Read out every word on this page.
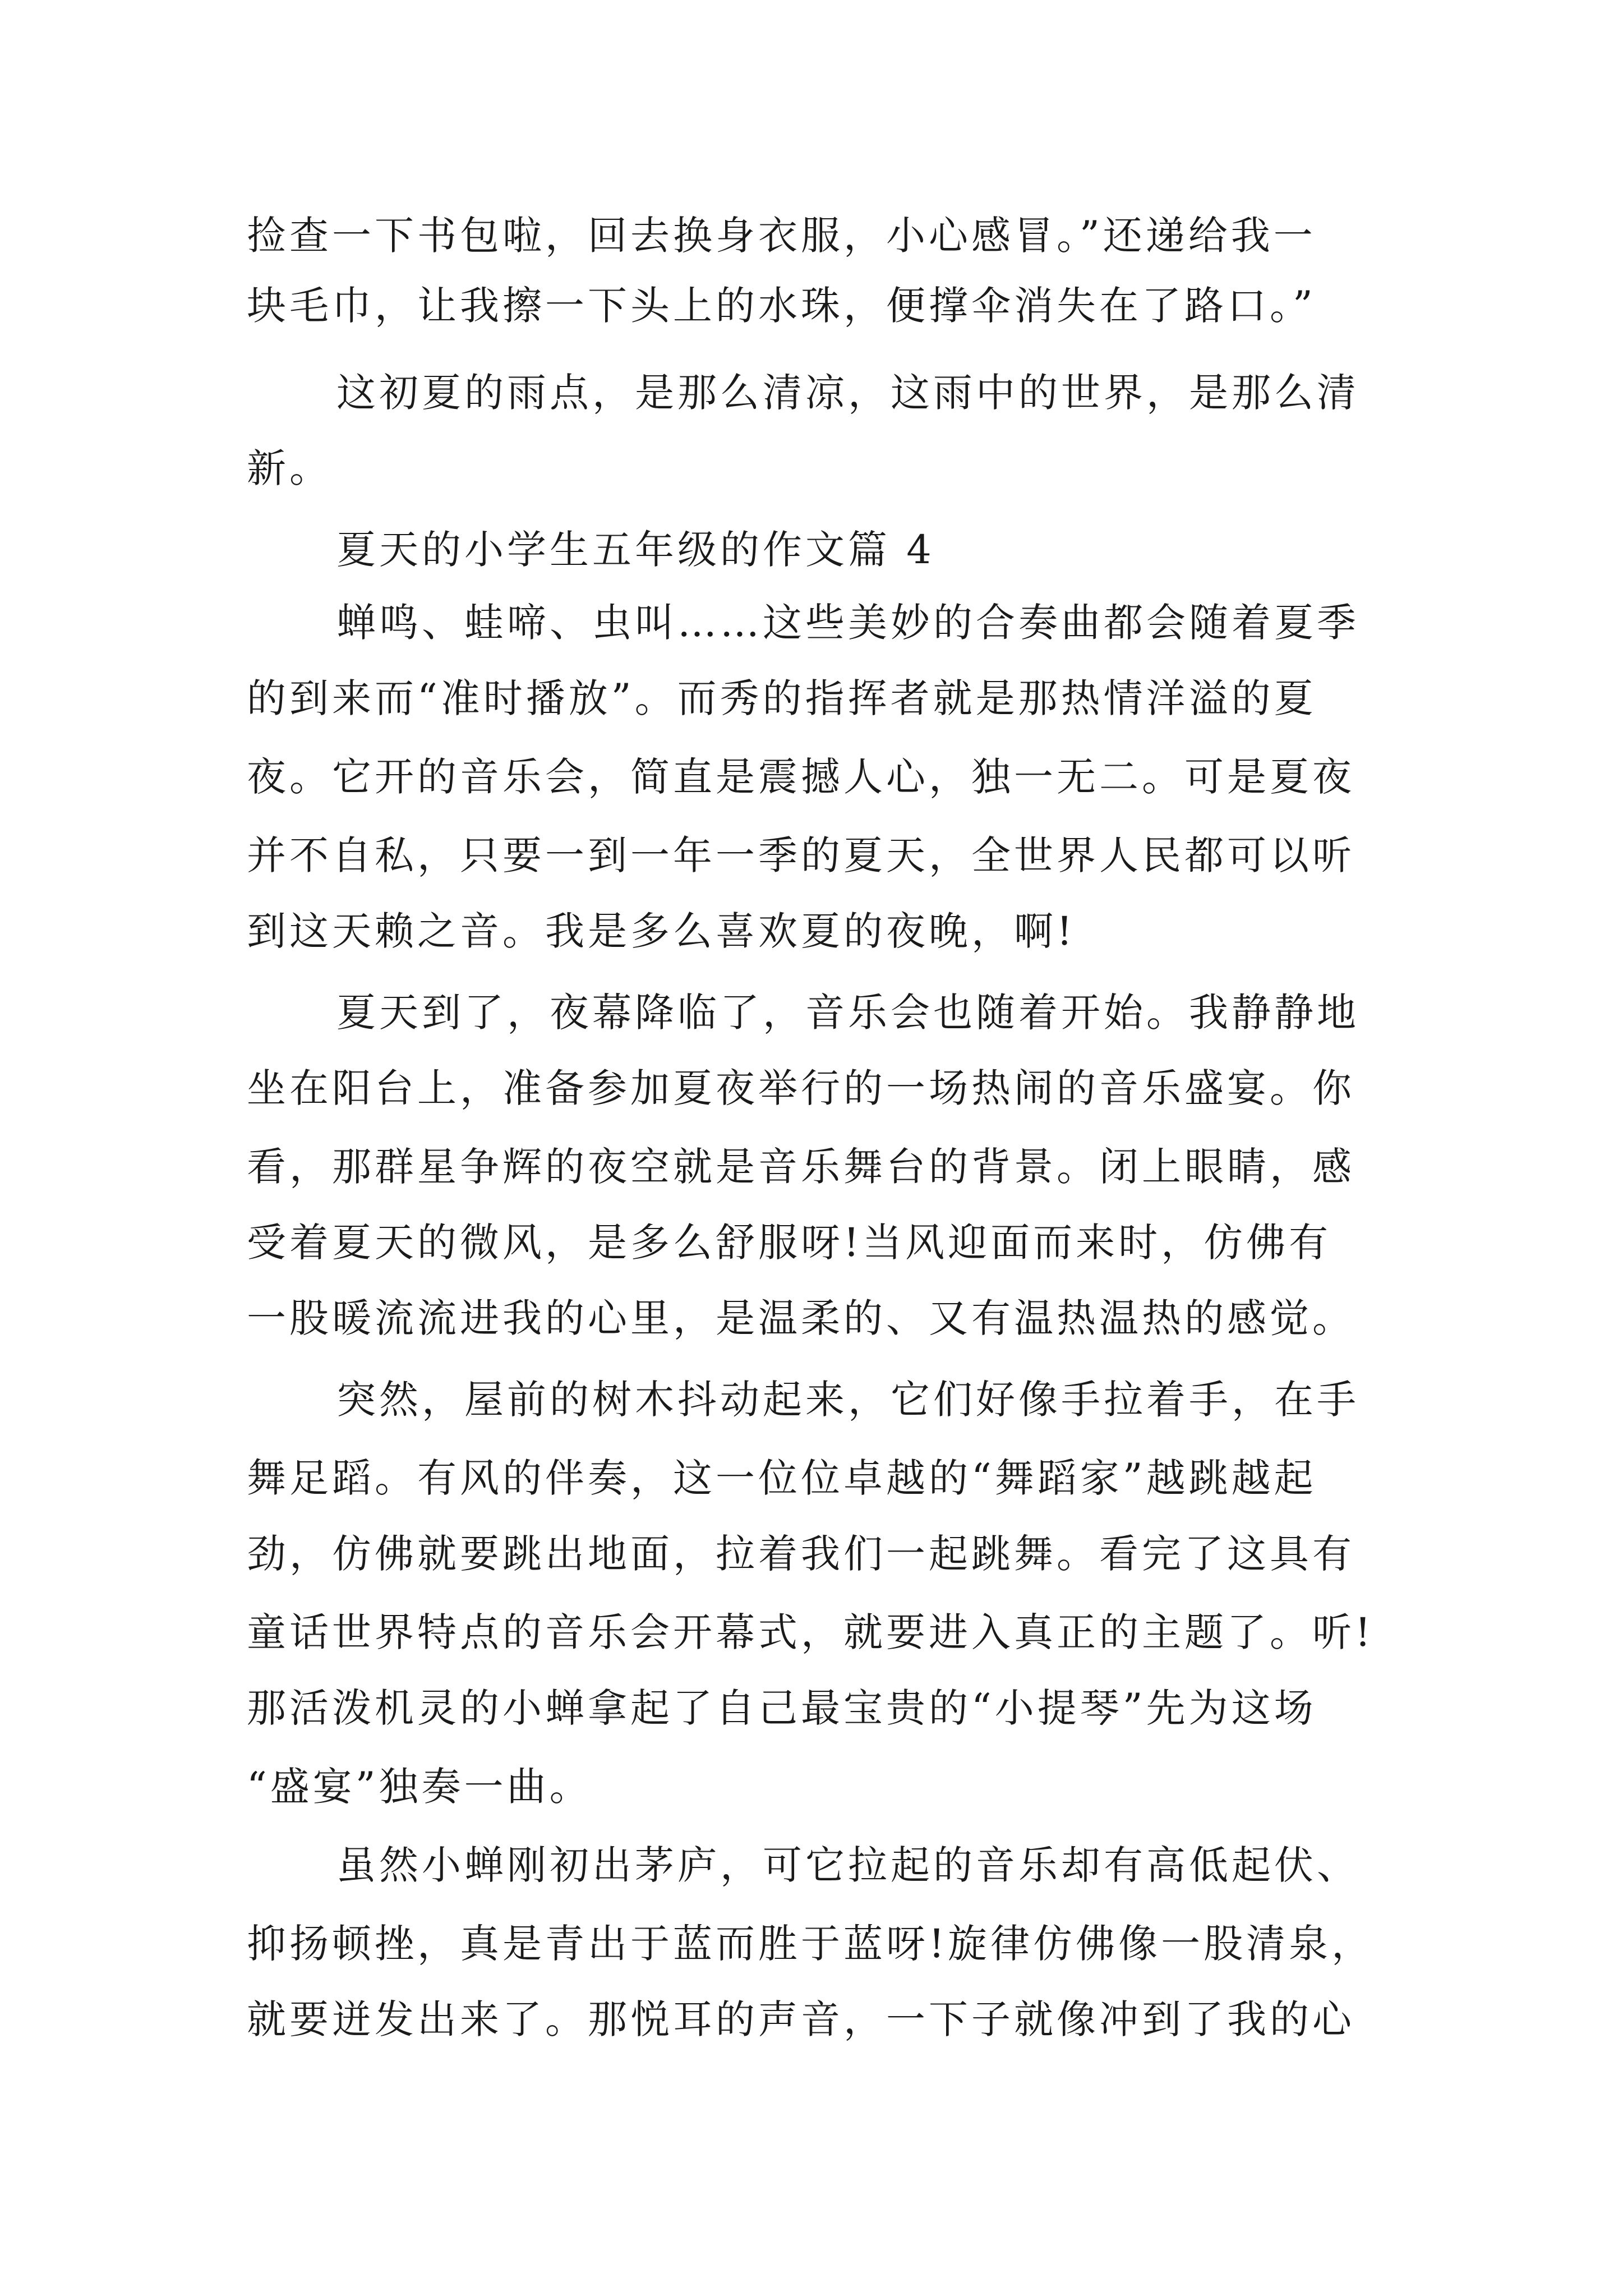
捡查一下书包啦，回去换身衣服，小心感冒。”还递给我一
块毛巾，让我擦一下头上的水珠，便撑伞消失在了路口。”
这初夏的雨点，是那么清凉，这雨中的世界，是那么清
新。
夏天的小学生五年级的作文篇 4
蝉鸣、蛙啼、虫叫……这些美妙的合奏曲都会随着夏季
的到来而“准时播放”。而秀的指挥者就是那热情洋溢的夏
夜。它开的音乐会，简直是震撼人心，独一无二。可是夏夜
并不自私，只要一到一年一季的夏天，全世界人民都可以听
到这天赖之音。我是多么喜欢夏的夜晚，啊!
夏天到了，夜幕降临了，音乐会也随着开始。我静静地
坐在阳台上，准备参加夏夜举行的一场热闹的音乐盛宴。你
看，那群星争辉的夜空就是音乐舞台的背景。闭上眼睛，感
受着夏天的微风，是多么舒服呀!当风迎面而来时，仿佛有
一股暖流流进我的心里，是温柔的、又有温热温热的感觉。
突然，屋前的树木抖动起来，它们好像手拉着手，在手
舞足蹈。有风的伴奏，这一位位卓越的“舞蹈家”越跳越起
劲，仿佛就要跳出地面，拉着我们一起跳舞。看完了这具有
童话世界特点的音乐会开幕式，就要进入真正的主题了。听!
那活泼机灵的小蝉拿起了自己最宝贵的“小提琴”先为这场
“盛宴”独奏一曲。
虽然小蝉刚初出茅庐，可它拉起的音乐却有高低起伏、
抑扬顿挫，真是青出于蓝而胜于蓝呀!旋律仿佛像一股清泉，
就要迸发出来了。那悦耳的声音，一下子就像冲到了我的心
